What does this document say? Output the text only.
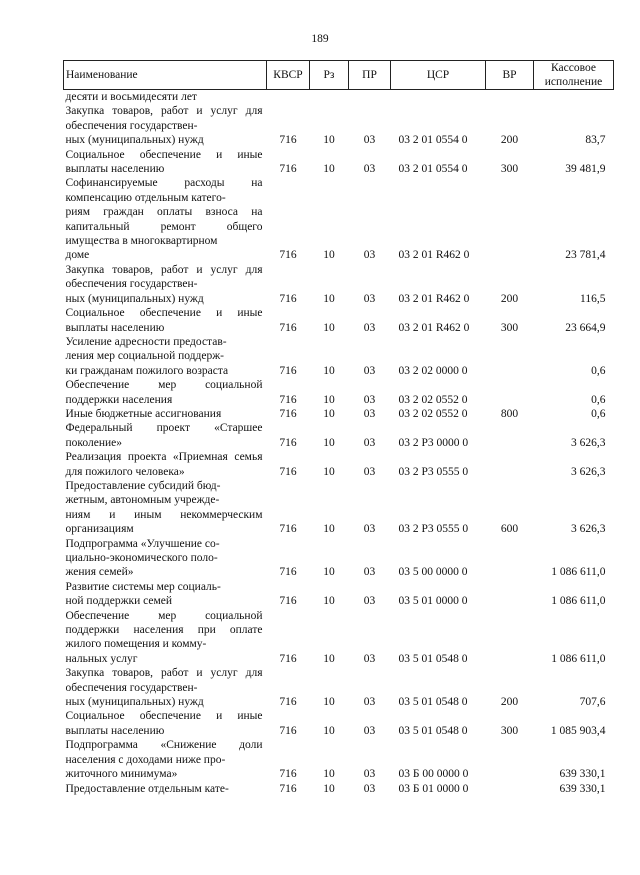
189
Наименование	КВСР	Рз	ПР	ЦСР	ВР	Кассовое исполнение
десяти и восьмидесяти лет						
Закупка товаров, работ и услуг для обеспечения государствен-
ных (муниципальных) нужд	716	10	03	03 2 01 0554 0	200	83,7
Социальное обеспечение и иные выплаты населению	716	10	03	03 2 01 0554 0	300	39 481,9
Софинансируемые расходы на компенсацию отдельным катего-
риям граждан оплаты взноса на капитальный ремонт общего имущества в многоквартирном
доме	716	10	03	03 2 01 R462 0		23 781,4
Закупка товаров, работ и услуг для обеспечения государствен-
ных (муниципальных) нужд	716	10	03	03 2 01 R462 0	200	116,5
Социальное обеспечение и иные выплаты населению	716	10	03	03 2 01 R462 0	300	23 664,9
Усиление адресности предостав-
ления мер социальной поддерж-
ки гражданам пожилого возраста	716	10	03	03 2 02 0000 0		0,6
Обеспечение мер социальной поддержки населения	716	10	03	03 2 02 0552 0		0,6
Иные бюджетные ассигнования	716	10	03	03 2 02 0552 0	800	0,6
Федеральный проект «Старшее поколение»	716	10	03	03 2 Р3 0000 0		3 626,3
Реализация проекта «Приемная семья для пожилого человека»	716	10	03	03 2 Р3 0555 0		3 626,3
Предоставление субсидий бюд-
жетным, автономным учрежде-
ниям и иным некоммерческим организациям	716	10	03	03 2 Р3 0555 0	600	3 626,3
Подпрограмма «Улучшение со-
циально-экономического поло-
жения семей»	716	10	03	03 5 00 0000 0		1 086 611,0
Развитие системы мер социаль-
ной поддержки семей	716	10	03	03 5 01 0000 0		1 086 611,0
Обеспечение мер социальной поддержки населения при оплате жилого помещения и комму-
нальных услуг	716	10	03	03 5 01 0548 0		1 086 611,0
Закупка товаров, работ и услуг для обеспечения государствен-
ных (муниципальных) нужд	716	10	03	03 5 01 0548 0	200	707,6
Социальное обеспечение и иные выплаты населению	716	10	03	03 5 01 0548 0	300	1 085 903,4
Подпрограмма «Снижение доли населения с доходами ниже про-
житочного минимума»	716	10	03	03 Б 00 0000 0		639 330,1
Предоставление отдельным кате-	716	10	03	03 Б 01 0000 0		639 330,1
